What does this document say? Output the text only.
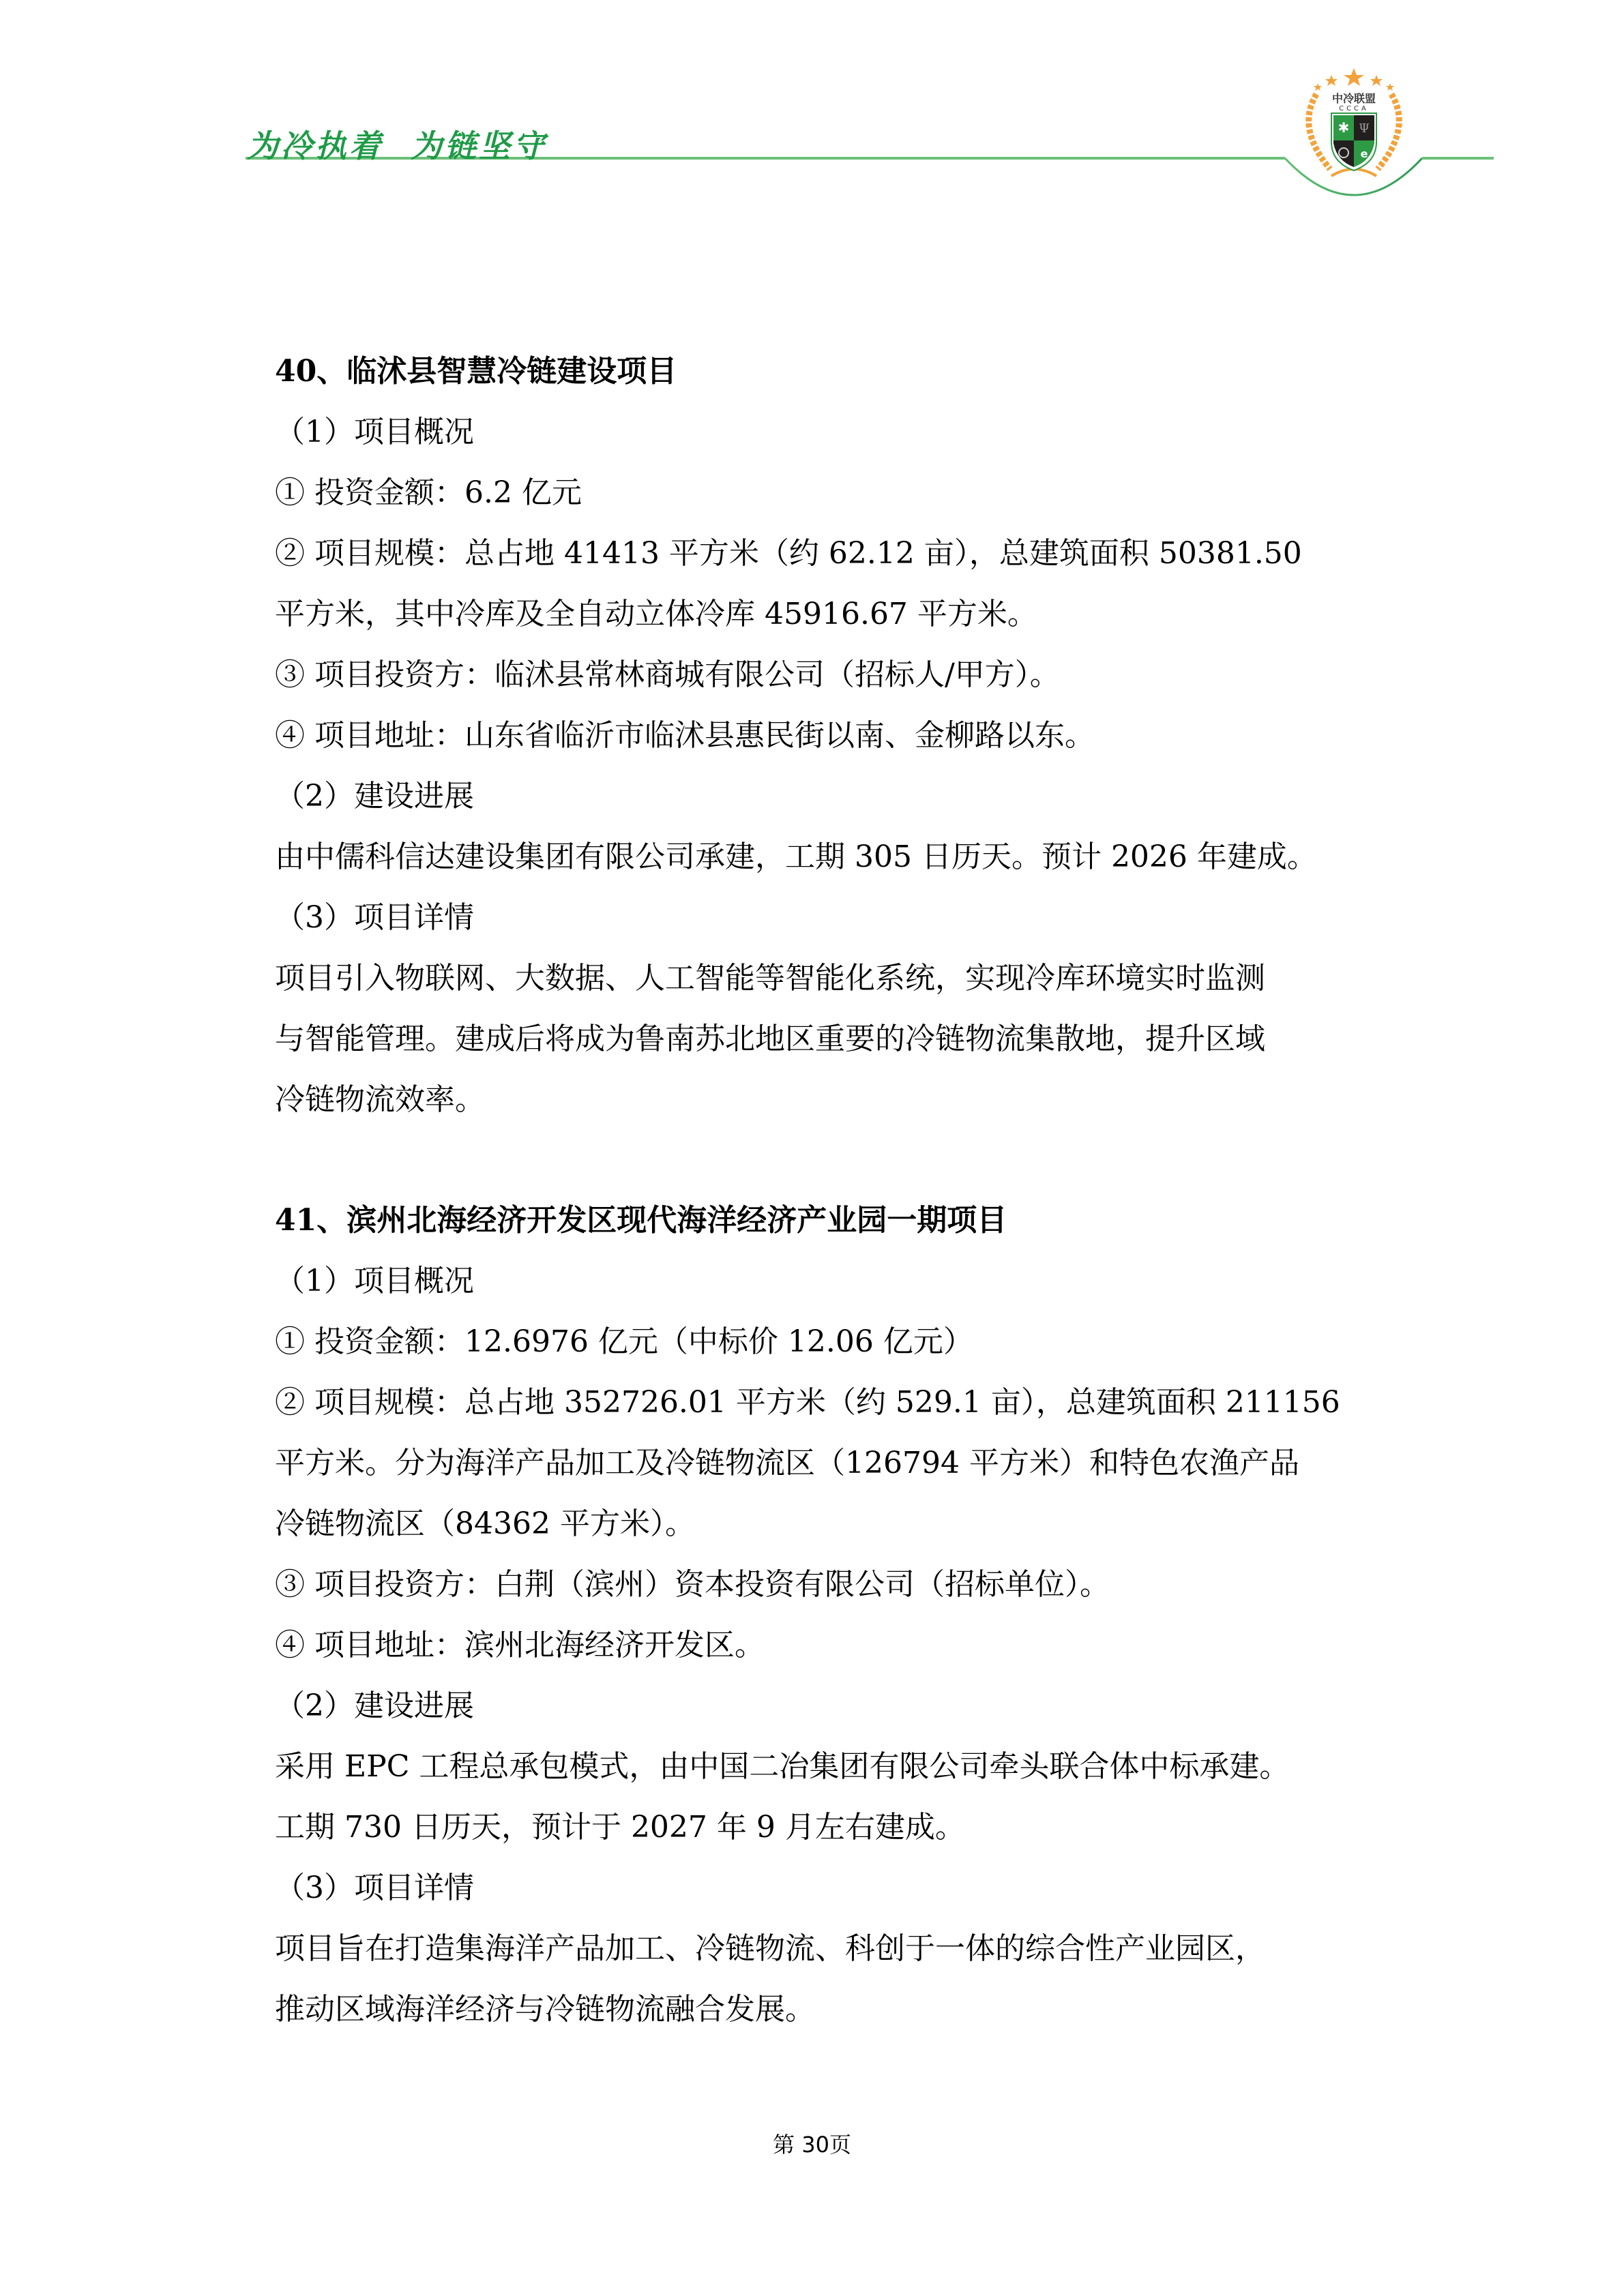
为冷执着  为链坚守
中冷联盟
CCCA
✱ Ψ
e
40、临沭县智慧冷链建设项目
（1）项目概况
① 投资金额：6.2 亿元
② 项目规模：总占地 41413 平方米（约 62.12 亩），总建筑面积 50381.50
平方米，其中冷库及全自动立体冷库 45916.67 平方米。
③ 项目投资方：临沭县常林商城有限公司（招标人/甲方）。
④ 项目地址：山东省临沂市临沭县惠民街以南、金柳路以东。
（2）建设进展
由中儒科信达建设集团有限公司承建，工期 305 日历天。预计 2026 年建成。
（3）项目详情
项目引入物联网、大数据、人工智能等智能化系统，实现冷库环境实时监测
与智能管理。建成后将成为鲁南苏北地区重要的冷链物流集散地，提升区域
冷链物流效率。
41、滨州北海经济开发区现代海洋经济产业园一期项目
（1）项目概况
① 投资金额：12.6976 亿元（中标价 12.06 亿元）
② 项目规模：总占地 352726.01 平方米（约 529.1 亩），总建筑面积 211156
平方米。分为海洋产品加工及冷链物流区（126794 平方米）和特色农渔产品
冷链物流区（84362 平方米）。
③ 项目投资方：白荆（滨州）资本投资有限公司（招标单位）。
④ 项目地址：滨州北海经济开发区。
（2）建设进展
采用 EPC 工程总承包模式，由中国二冶集团有限公司牵头联合体中标承建。
工期 730 日历天，预计于 2027 年 9 月左右建成。
（3）项目详情
项目旨在打造集海洋产品加工、冷链物流、科创于一体的综合性产业园区，
推动区域海洋经济与冷链物流融合发展。
第 30页
